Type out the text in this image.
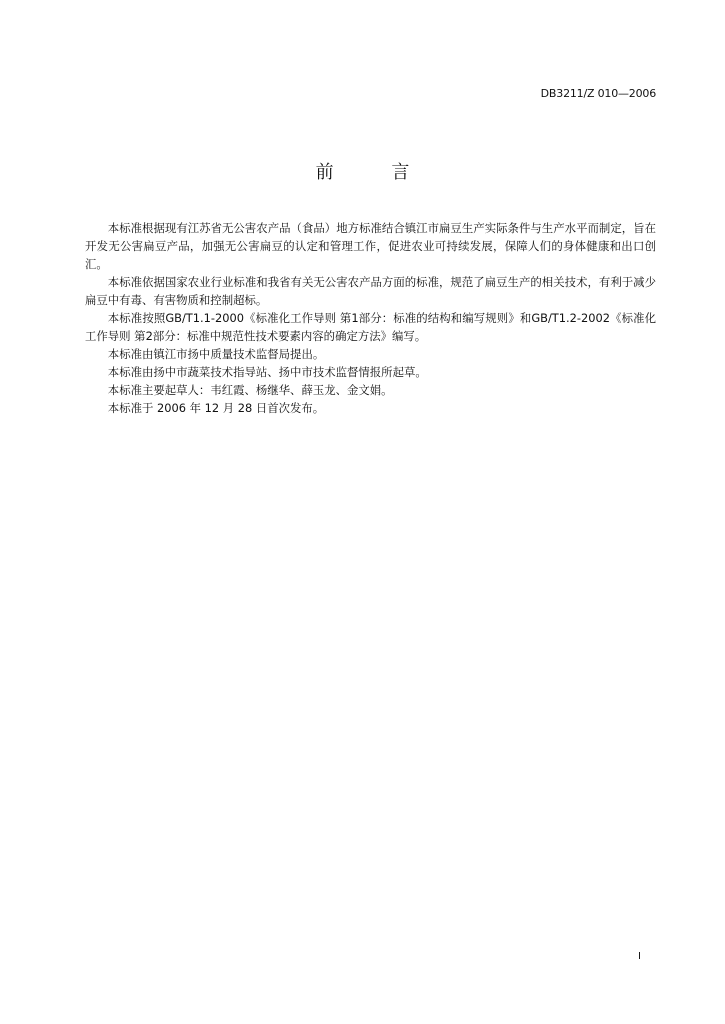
DB3211/Z 010—2006
前 言

本标准根据现有江苏省无公害农产品（食品）地方标准结合镇江市扁豆生产实际条件与生产水平而制定，旨在开发无公害扁豆产品，加强无公害扁豆的认定和管理工作，促进农业可持续发展，保障人们的身体健康和出口创汇。

本标准依据国家农业行业标准和我省有关无公害农产品方面的标准，规范了扁豆生产的相关技术，有利于减少扁豆中有毒、有害物质和控制超标。

本标准按照GB/T1.1-2000《标准化工作导则 第1部分：标准的结构和编写规则》和GB/T1.2-2002《标准化工作导则 第2部分：标准中规范性技术要素内容的确定方法》编写。

本标准由镇江市扬中质量技术监督局提出。

本标准由扬中市蔬菜技术指导站、扬中市技术监督情报所起草。

本标准主要起草人：韦红霞、杨继华、薛玉龙、金文娟。

本标准于 2006 年 12 月 28 日首次发布。

I
